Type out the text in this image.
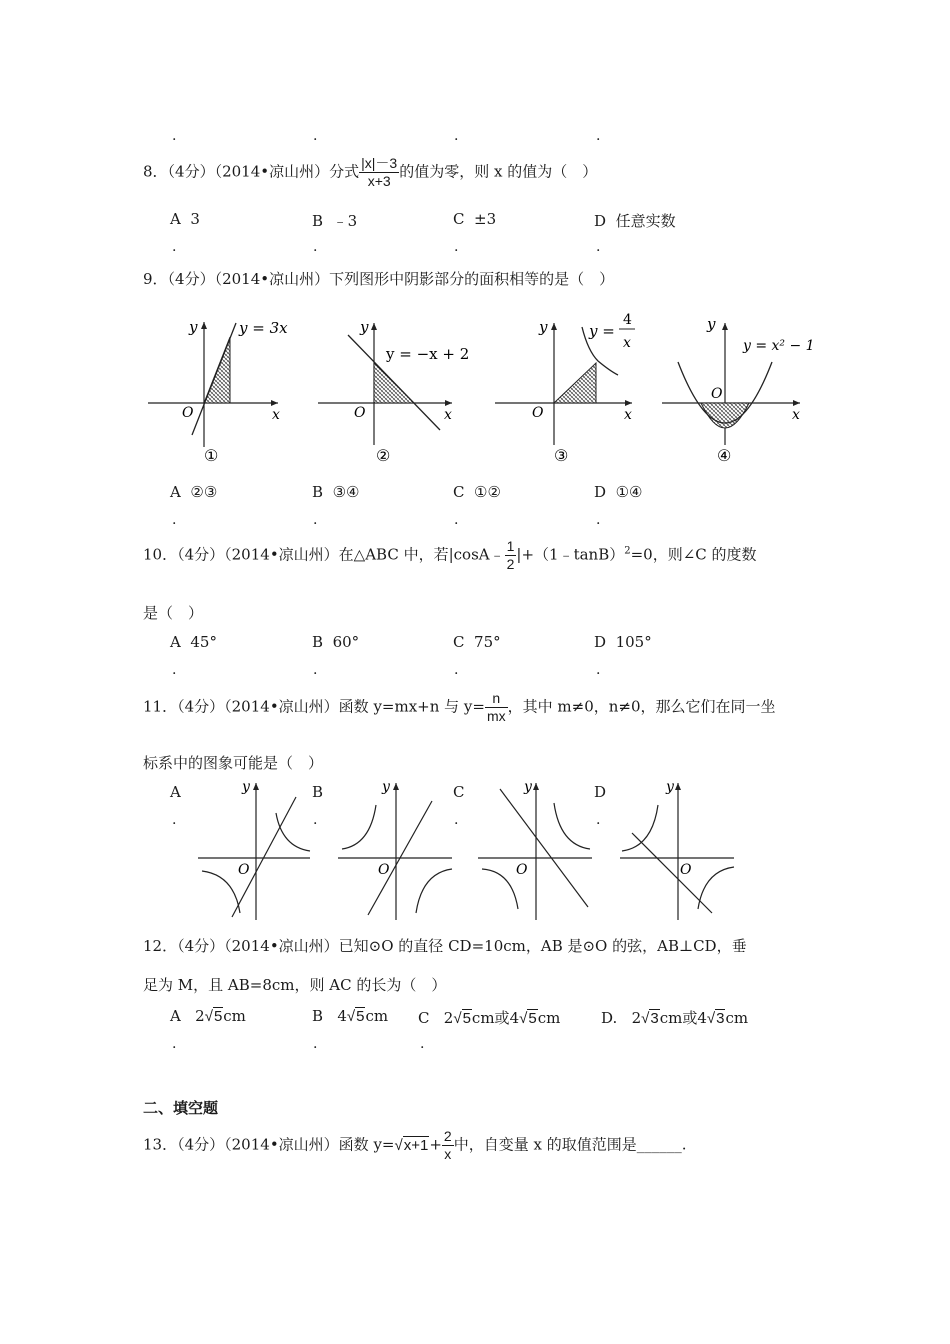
.	.	.	.
8．（4分）（2014•凉山州）分式 $\frac{|x|-3}{x+3}$ 的值为零，则 x 的值为（　）
A 3	B ﹣3	C ±3	D 任意实数
.	.	.	.
9．（4分）（2014•凉山州）下列图形中阴影部分的面积相等的是（　）
y
x
O
y = 3x
①
y
x
O
y = −x + 2
②
y
x
O
y =
4
x
③
y
x
O
y = x² − 1
④
A ②③	B ③④	C ①②	D ①④
.	.	.	.
10．（4分）（2014•凉山州）在△ABC 中，若|cosA﹣ $\frac{1}{2}$ |+（1﹣tanB）$^2$=0，则∠C 的度数
是（　）
A 45°	B 60°	C 75°	D 105°
.	.	.	.
11．（4分）（2014•凉山州）函数 y=mx+n 与 $y= \frac{n}{mx}$ ，其中 m≠0，n≠0，那么它们在同一坐
标系中的图象可能是（　）
A	B	C	D
.	.	.	.
y
O
y
O
y
O
y
O
12．（4分）（2014•凉山州）已知⊙O 的直径 CD=10cm，AB 是⊙O 的弦，AB⊥CD，垂
足为 M，且 AB=8cm，则 AC 的长为（　）
A 2√5cm	B 4√5cm C 2√5cm或4√5cm	D. 2√3cm或4√3cm
.	.	.
二、填空题
13．（4分）（2014•凉山州）函数 $y=√x+1+ \frac{2}{x}$ 中，自变量 x 的取值范围是______.
